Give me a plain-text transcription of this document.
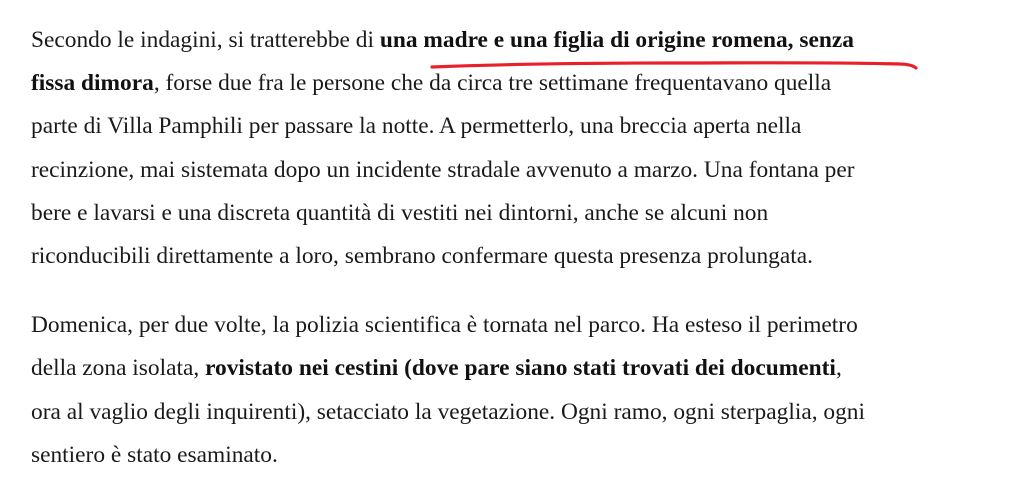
Secondo le indagini, si tratterebbe di una madre e una figlia di origine romena, senza
fissa dimora, forse due fra le persone che da circa tre settimane frequentavano quella
parte di Villa Pamphili per passare la notte. A permetterlo, una breccia aperta nella
recinzione, mai sistemata dopo un incidente stradale avvenuto a marzo. Una fontana per
bere e lavarsi e una discreta quantità di vestiti nei dintorni, anche se alcuni non
riconducibili direttamente a loro, sembrano confermare questa presenza prolungata.

Domenica, per due volte, la polizia scientifica è tornata nel parco. Ha esteso il perimetro
della zona isolata, rovistato nei cestini (dove pare siano stati trovati dei documenti,
ora al vaglio degli inquirenti), setacciato la vegetazione. Ogni ramo, ogni sterpaglia, ogni
sentiero è stato esaminato.
